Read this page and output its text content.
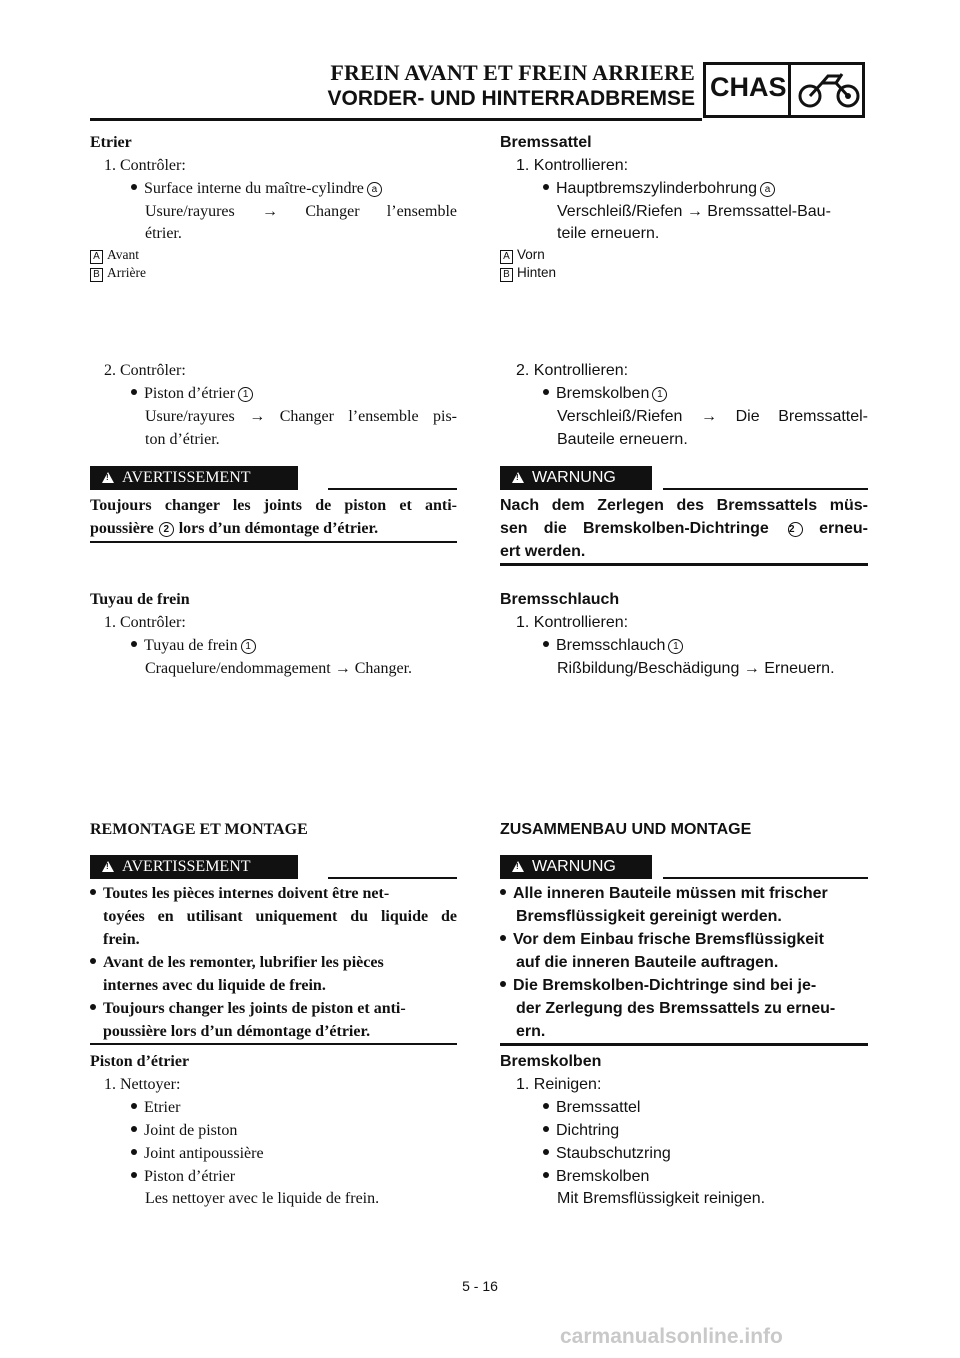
FREIN AVANT ET FREIN ARRIERE
VORDER- UND HINTERRADBREMSE CHAS
Etrier
1. Contrôler:
Surface interne du maître-cylindre a
Usure/rayures → Changer l’ensemble
étrier.
A Avant
B Arrière
2. Contrôler:
Piston d’étrier 1
Usure/rayures → Changer l’ensemble pis-
ton d’étrier.
!AVERTISSEMENT
Toujours changer les joints de piston et anti-
poussière 2 lors d’un démontage d’étrier.
Tuyau de frein
1. Contrôler:
Tuyau de frein 1
Craquelure/endommagement → Changer.
REMONTAGE ET MONTAGE
!AVERTISSEMENT
Toutes les pièces internes doivent être net-
toyées en utilisant uniquement du liquide de
frein.
Avant de les remonter, lubrifier les pièces
internes avec du liquide de frein.
Toujours changer les joints de piston et anti-
poussière lors d’un démontage d’étrier.
Piston d’étrier
1. Nettoyer:
Etrier
Joint de piston
Joint antipoussière
Piston d’étrier
Les nettoyer avec le liquide de frein.
Bremssattel
1. Kontrollieren:
Hauptbremszylinderbohrung a
Verschleiß/Riefen → Bremssattel-Bau-
teile erneuern.
A Vorn
B Hinten
2. Kontrollieren:
Bremskolben 1
Verschleiß/Riefen → Die Bremssattel-
Bauteile erneuern.
!WARNUNG
Nach dem Zerlegen des Bremssattels müs-
sen die Bremskolben-Dichtringe 2 erneu-
ert werden.
Bremsschlauch
1. Kontrollieren:
Bremsschlauch 1
Rißbildung/Beschädigung → Erneuern.
ZUSAMMENBAU UND MONTAGE
!WARNUNG
Alle inneren Bauteile müssen mit frischer
Bremsflüssigkeit gereinigt werden.
Vor dem Einbau frische Bremsflüssigkeit
auf die inneren Bauteile auftragen.
Die Bremskolben-Dichtringe sind bei je-
der Zerlegung des Bremssattels zu erneu-
ern.
Bremskolben
1. Reinigen:
Bremssattel
Dichtring
Staubschutzring
Bremskolben
Mit Bremsflüssigkeit reinigen.
5 - 16
carmanualsonline.info
